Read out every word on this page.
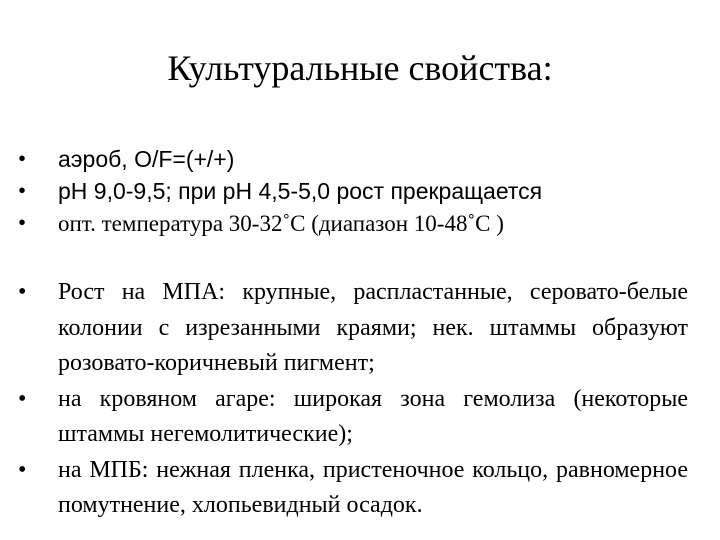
Культуральные свойства:
•	аэроб, O/F=(+/+)
•	pH 9,0-9,5; при pH 4,5-5,0 рост прекращается
•	опт. температура 30-32˚С (диапазон 10-48˚С )
•	Рост на МПА: крупные, распластанные, серовато-белые колонии с изрезанными краями; нек. штаммы образуют розовато-коричневый пигмент;
•	на кровяном агаре: широкая зона гемолиза (некоторые штаммы негемолитические);
•	на МПБ: нежная пленка, пристеночное кольцо, равномерное помутнение, хлопьевидный осадок.
